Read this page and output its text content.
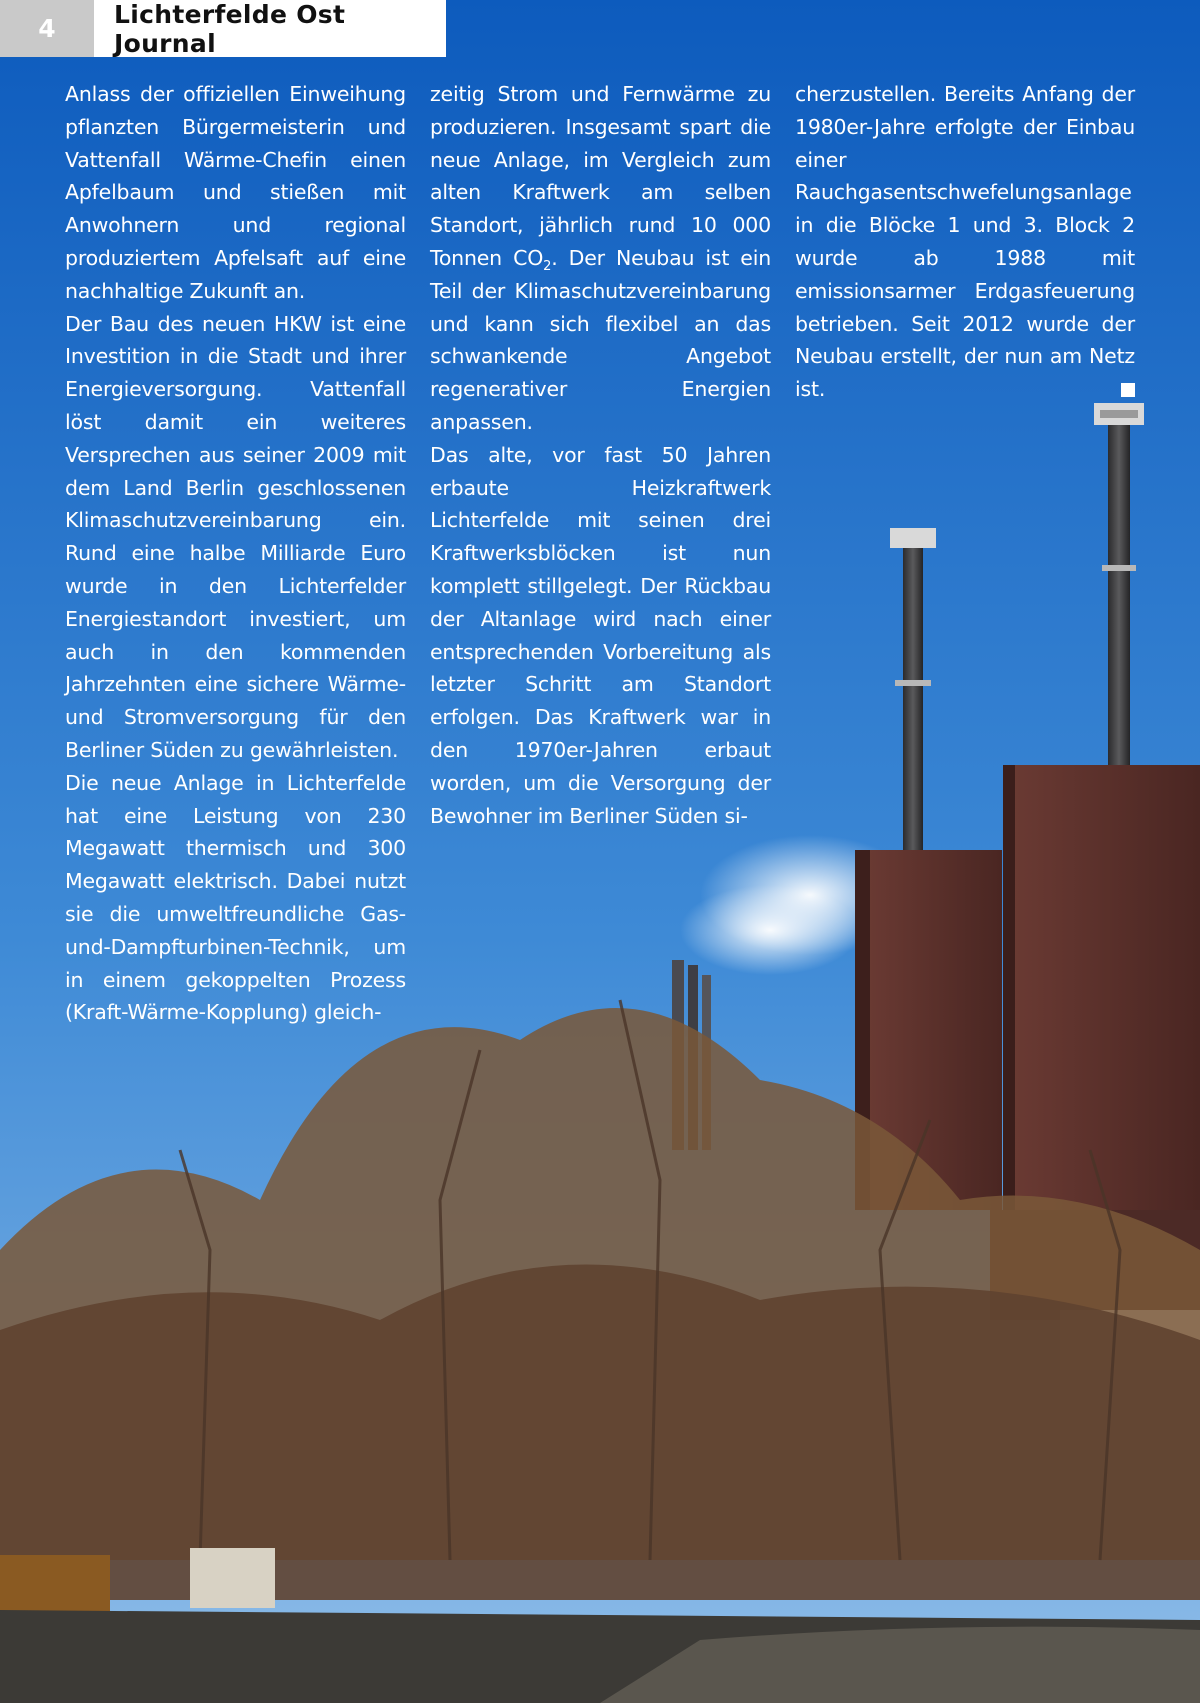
4	Lichterfelde Ost Journal

Anlass der offiziellen Einweihung pflanzten Bürgermeisterin und Vattenfall Wärme-Chefin einen Apfelbaum und stießen mit Anwohnern und regional produziertem Apfelsaft auf eine nachhaltige Zukunft an.

Der Bau des neuen HKW ist eine Investition in die Stadt und ihrer Energieversorgung. Vattenfall löst damit ein weiteres Versprechen aus seiner 2009 mit dem Land Berlin geschlossenen Klimaschutzvereinbarung ein. Rund eine halbe Milliarde Euro wurde in den Lichterfelder Energiestandort investiert, um auch in den kommenden Jahrzehnten eine sichere Wärme- und Stromversorgung für den Berliner Süden zu gewährleisten.

Die neue Anlage in Lichterfelde hat eine Leistung von 230 Megawatt thermisch und 300 Megawatt elektrisch. Dabei nutzt sie die umweltfreundliche Gas-und-Dampfturbinen-Technik, um in einem gekoppelten Prozess (Kraft-Wärme-Kopplung) gleich-

zeitig Strom und Fernwärme zu produzieren. Insgesamt spart die neue Anlage, im Vergleich zum alten Kraftwerk am selben Standort, jährlich rund 10 000 Tonnen $CO_2$. Der Neubau ist ein Teil der Klimaschutzvereinbarung und kann sich flexibel an das schwankende Angebot regenerativer Energien anpassen.

Das alte, vor fast 50 Jahren erbaute Heizkraftwerk Lichterfelde mit seinen drei Kraftwerksblöcken ist nun komplett stillgelegt. Der Rückbau der Altanlage wird nach einer entsprechenden Vorbereitung als letzter Schritt am Standort erfolgen. Das Kraftwerk war in den 1970er-Jahren erbaut worden, um die Versorgung der Bewohner im Berliner Süden si-

cherzustellen. Bereits Anfang der 1980er-Jahre erfolgte der Einbau einer Rauchgasentschwefelungsanlage in die Blöcke 1 und 3. Block 2 wurde ab 1988 mit emissionsarmer Erdgasfeuerung betrieben. Seit 2012 wurde der Neubau erstellt, der nun am Netz ist.
